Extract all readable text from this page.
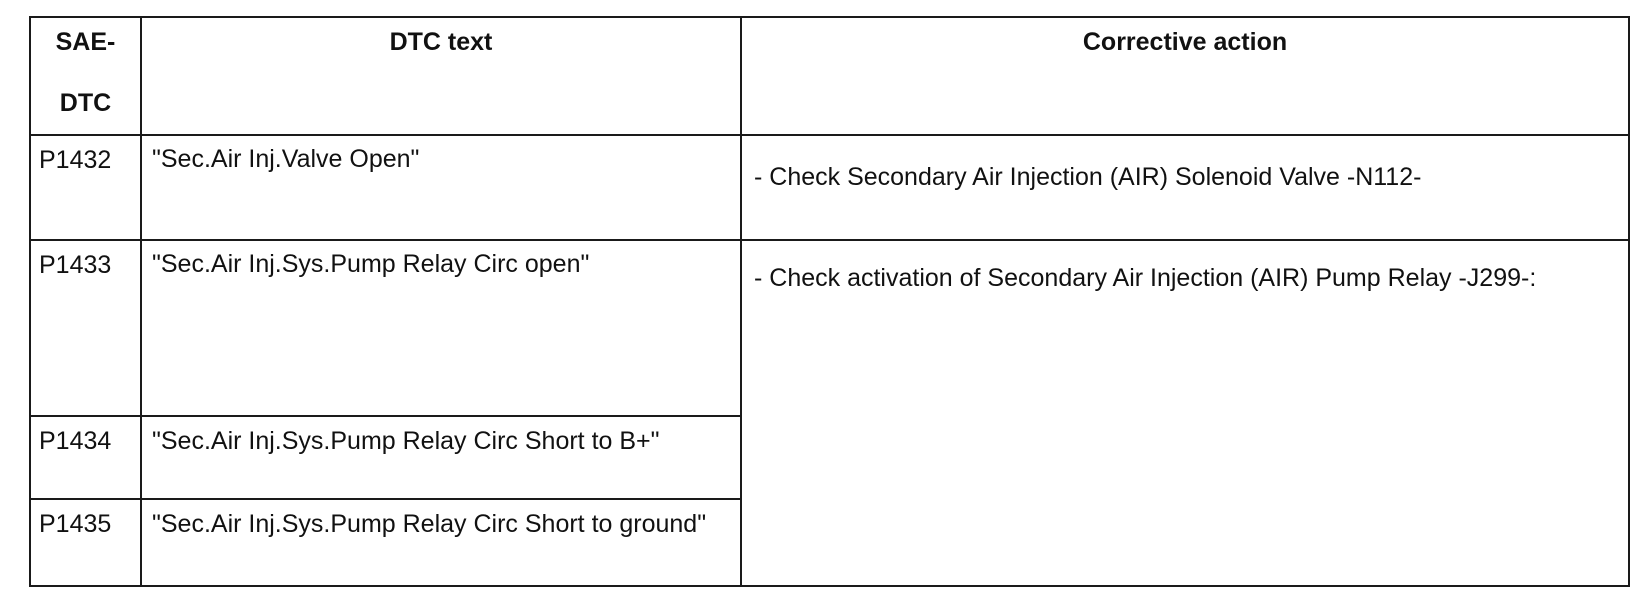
SAE-
DTC	DTC text	Corrective action

P1432	"Sec.Air Inj.Valve Open"	- Check Secondary Air Injection (AIR) Solenoid Valve -N112-

P1433	"Sec.Air Inj.Sys.Pump Relay Circ open"	- Check activation of Secondary Air Injection (AIR) Pump Relay -J299-:

P1434	"Sec.Air Inj.Sys.Pump Relay Circ Short to B+"	
P1435	"Sec.Air Inj.Sys.Pump Relay Circ Short to ground"	
